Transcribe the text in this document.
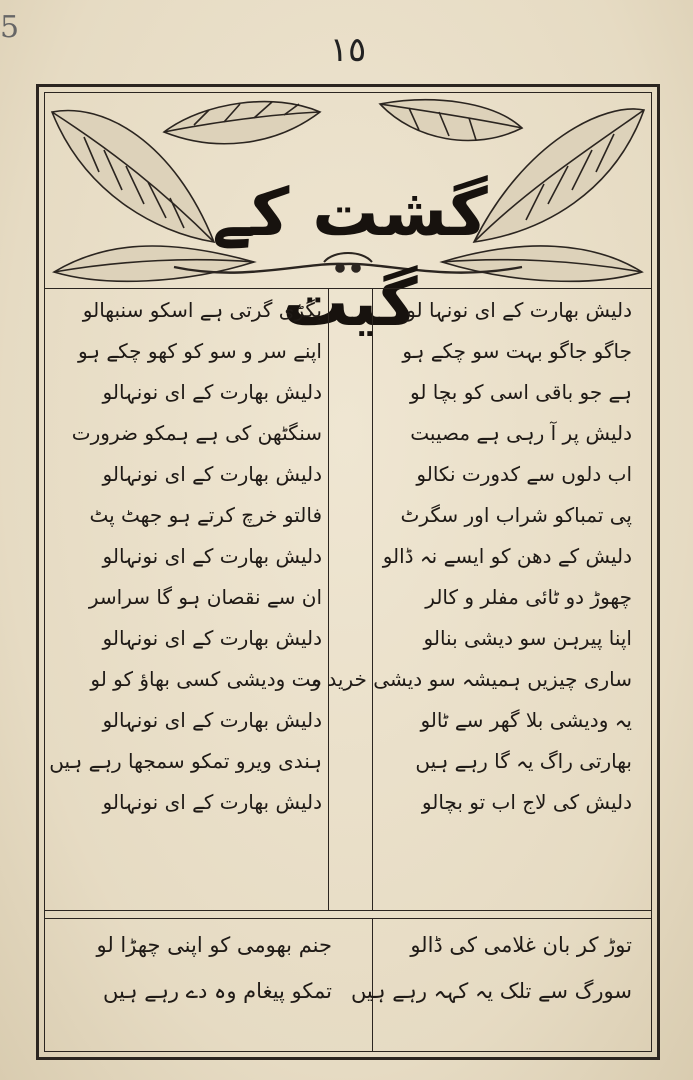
5
١٥
گشت کے گیت
دلیش بھارت کے ای نونہا لو
جاگو جاگو بہت سو چکے ہو
ہے جو باقی اسی کو بچا لو
دلیش پر آ رہی ہے مصیبت
اب دلوں سے کدورت نکالو
پی تمباکو شراب اور سگرٹ
دلیش کے دھن کو ایسے نہ ڈالو
چھوڑ دو ٹائی مفلر و کالر
اپنا پیرہن سو دیشی بنالو
ساری چیزیں ہمیشہ سو دیشی خرید و
یہ ودیشی بلا گھر سے ٹالو
بھارتی راگ یہ گا رہے ہیں
دلیش کی لاج اب تو بچالو
بگڑی گرتی ہے اسکو سنبھالو
اپنے سر و سو کو کھو چکے ہو
دلیش بھارت کے ای نونہالو
سنگٹھن کی ہے ہمکو ضرورت
دلیش بھارت کے ای نونہالو
فالتو خرچ کرتے ہو جھٹ پٹ
دلیش بھارت کے ای نونہالو
ان سے نقصان ہو گا سراسر
دلیش بھارت کے ای نونہالو
مت ودیشی کسی بھاؤ کو لو
دلیش بھارت کے ای نونہالو
ہندی ویرو تمکو سمجھا رہے ہیں
دلیش بھارت کے ای نونہالو
توڑ کر بان غلامی کی ڈالو
سورگ سے تلک یہ کہہ رہے ہیں
جنم بھومی کو اپنی چھڑا لو
تمکو پیغام وہ دے رہے ہیں
